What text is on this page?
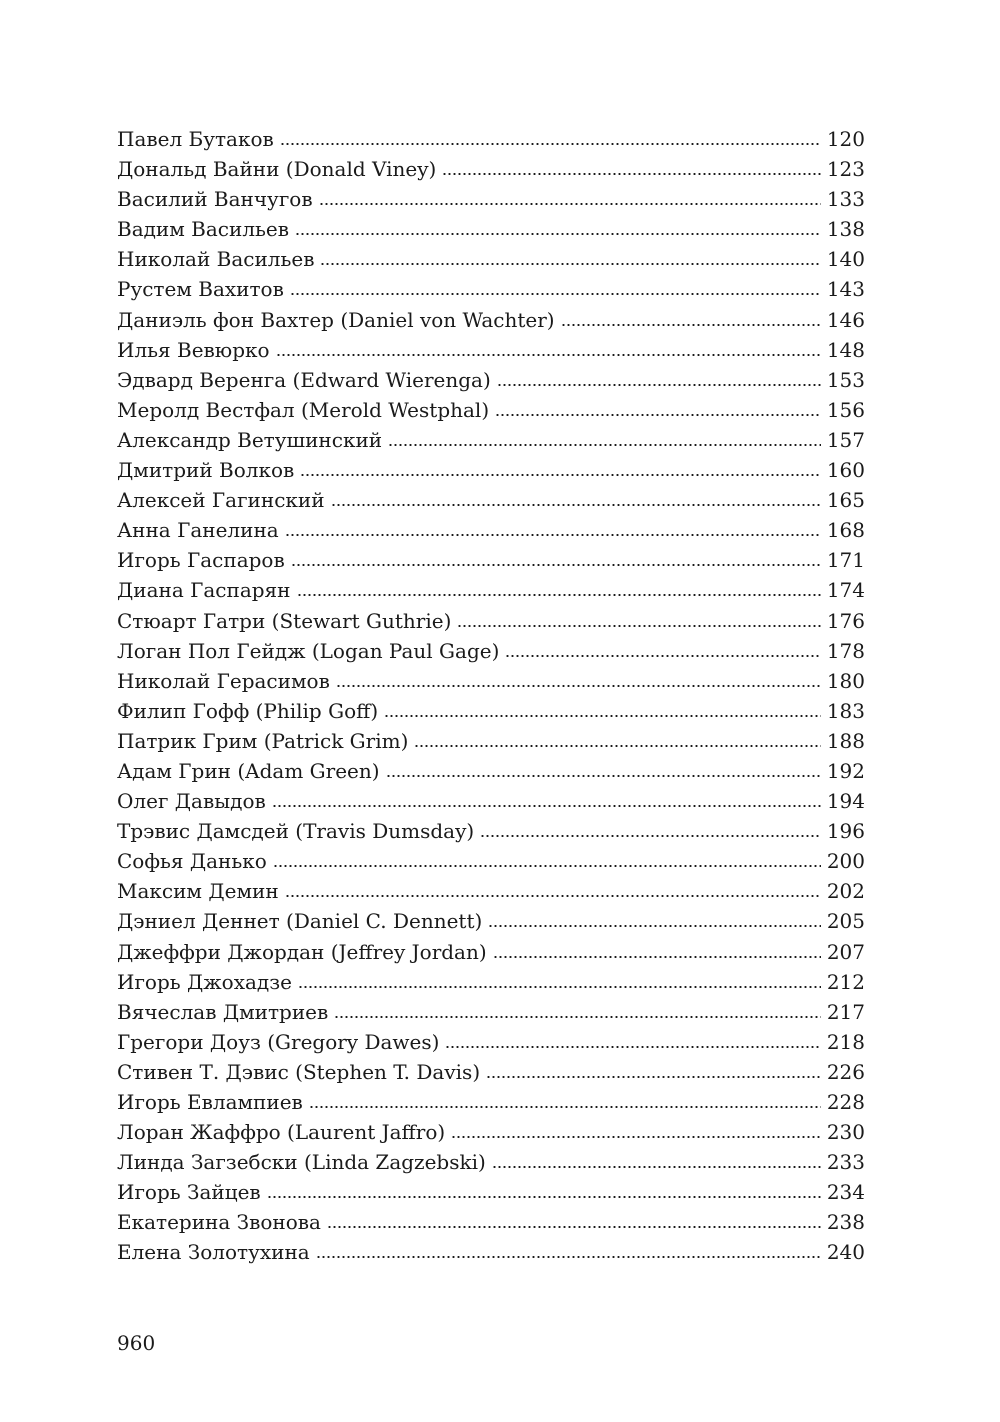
Павел Бутаков	120
Дональд Вайни (Donald Viney)	123
Василий Ванчугов	133
Вадим Васильев	138
Николай Васильев	140
Рустем Вахитов	143
Даниэль фон Вахтер (Daniel von Wachter)	146
Илья Вевюрко	148
Эдвард Веренга (Edward Wierenga)	153
Меролд Вестфал (Merold Westphal)	156
Александр Ветушинский	157
Дмитрий Волков	160
Алексей Гагинский	165
Анна Ганелина	168
Игорь Гаспаров	171
Диана Гаспарян	174
Стюарт Гатри (Stewart Guthrie)	176
Логан Пол Гейдж (Logan Paul Gage)	178
Николай Герасимов	180
Филип Гофф (Philip Goff)	183
Патрик Грим (Patrick Grim)	188
Адам Грин (Adam Green)	192
Олег Давыдов	194
Трэвис Дамсдей (Travis Dumsday)	196
Софья Данько	200
Максим Демин	202
Дэниел Деннет (Daniel C. Dennett)	205
Джеффри Джордан (Jeffrey Jordan)	207
Игорь Джохадзе	212
Вячеслав Дмитриев	217
Грегори Доуз (Gregory Dawes)	218
Стивен Т. Дэвис (Stephen T. Davis)	226
Игорь Евлампиев	228
Лоран Жаффро (Laurent Jaffro)	230
Линда Загзебски (Linda Zagzebski)	233
Игорь Зайцев	234
Екатерина Звонова	238
Елена Золотухина	240
960
